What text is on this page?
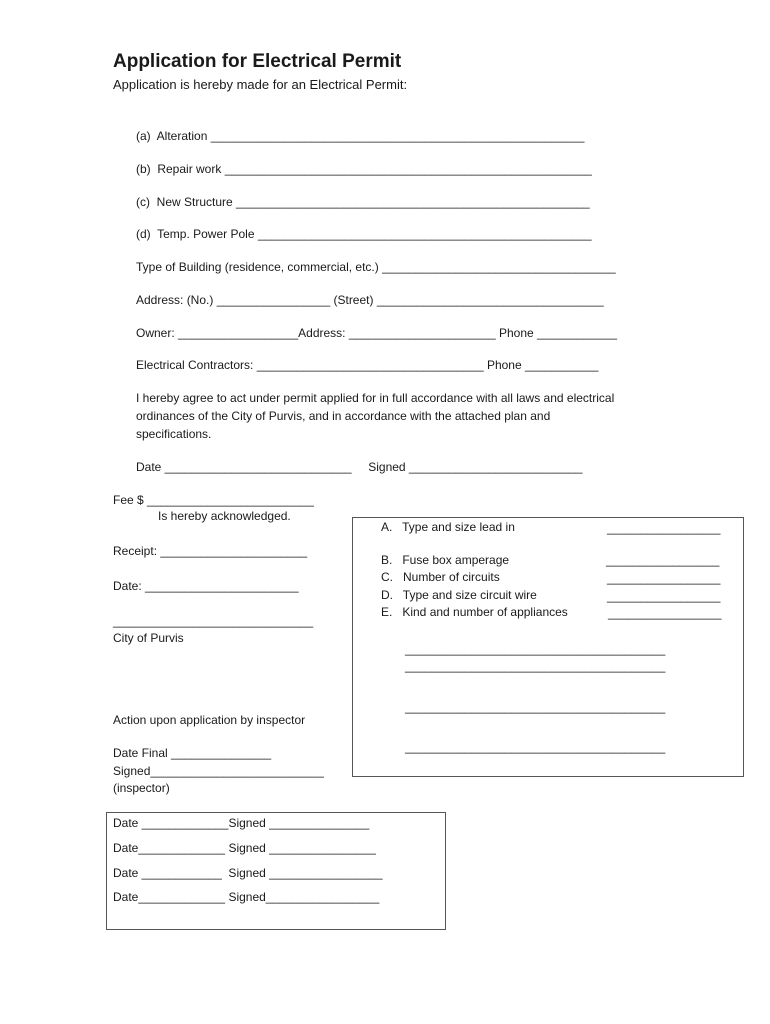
Application for Electrical Permit
Application is hereby made for an Electrical Permit:
(a)  Alteration ________________________________________________________
(b)  Repair work _______________________________________________________
(c)  New Structure _____________________________________________________
(d)  Temp. Power Pole __________________________________________________
Type of Building (residence, commercial, etc.) ___________________________________
Address: (No.) _________________ (Street) __________________________________
Owner: __________________Address: ______________________ Phone ____________
Electrical Contractors: __________________________________ Phone ___________
I hereby agree to act under permit applied for in full accordance with all laws and electrical
ordinances of the City of Purvis, and in accordance with the attached plan and
specifications.
Date ____________________________     Signed __________________________
Fee $ _________________________
Is hereby acknowledged.
Receipt: ______________________
Date: _______________________
______________________________
City of Purvis
A.   Type and size lead in	_________________
B.   Fuse box amperage	_________________
C.   Number of circuits	_________________
D.   Type and size circuit wire	_________________
E.   Kind and number of appliances	_________________
_______________________________________
_______________________________________
_______________________________________
_______________________________________
Action upon application by inspector
Date Final _______________
Signed__________________________
(inspector)
Date _____________Signed _______________
Date_____________ Signed ________________
Date ____________  Signed _________________
Date_____________ Signed_________________
